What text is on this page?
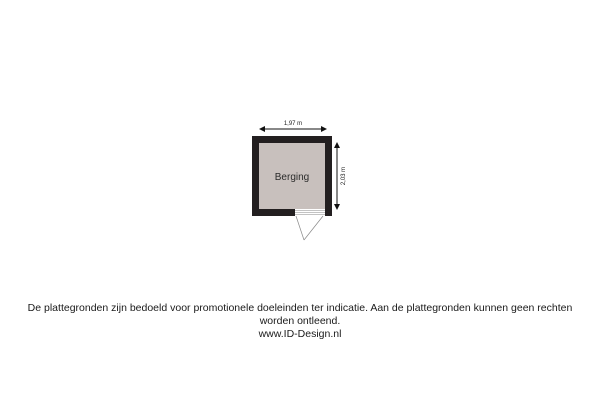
1,97 m
2,03 m
Berging
De plattegronden zijn bedoeld voor promotionele doeleinden ter indicatie. Aan de plattegronden kunnen geen rechten
worden ontleend.
www.ID-Design.nl
